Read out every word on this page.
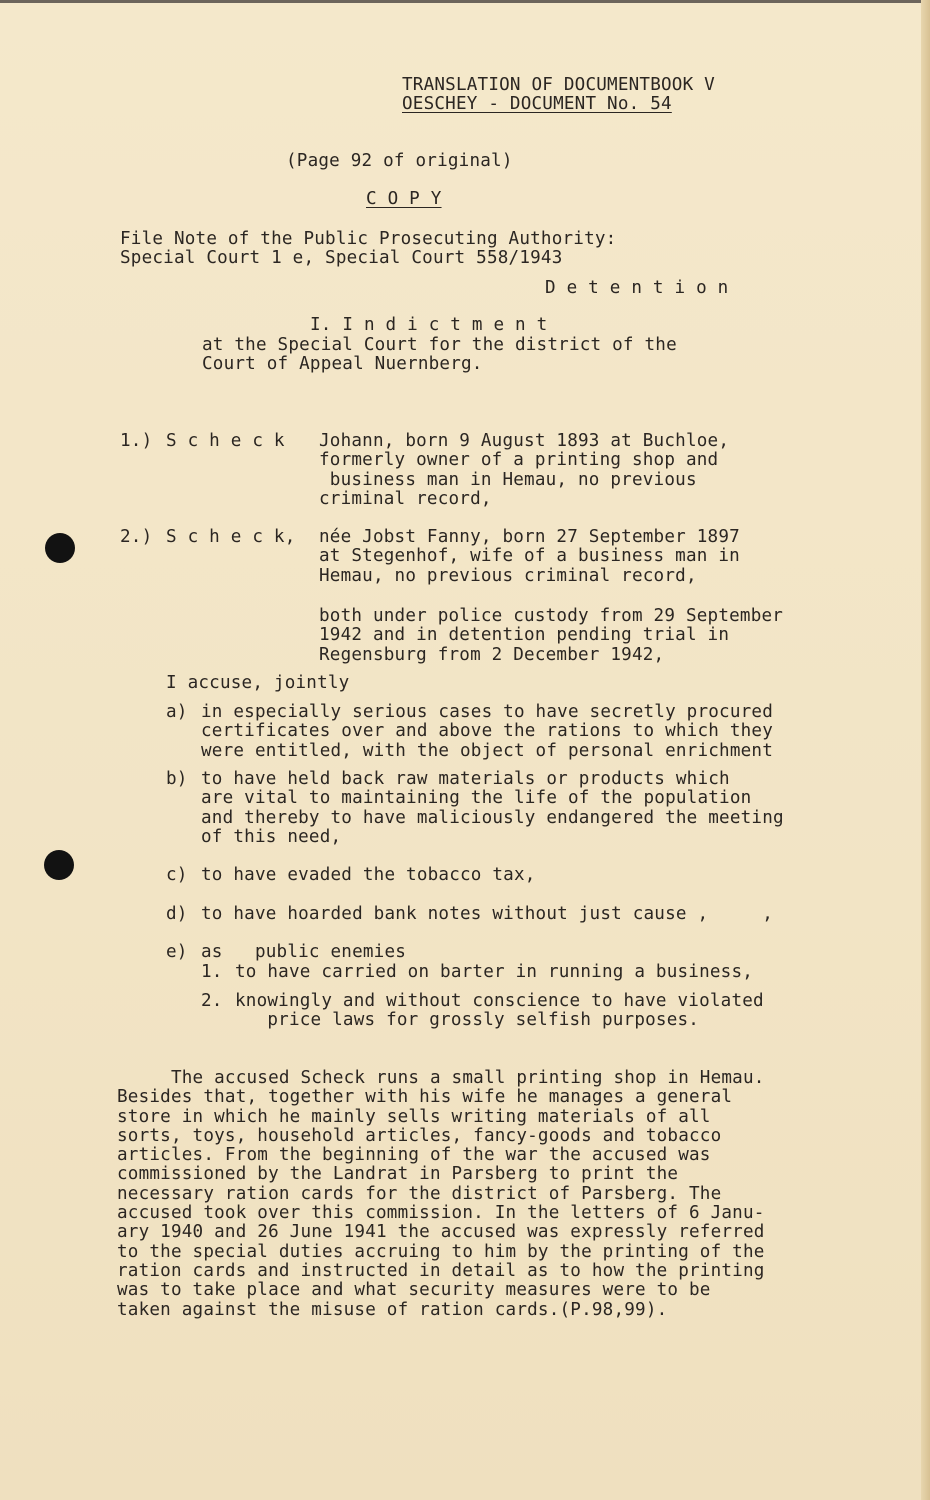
TRANSLATION OF DOCUMENTBOOK V
OESCHEY - DOCUMENT No. 54
(Page 92 of original)
C O P Y
File Note of the Public Prosecuting Authority:
Special Court 1 e, Special Court 558/1943
D e t e n t i o n
I. I n d i c t m e n t
at the Special Court for the district of the
Court of Appeal Nuernberg.
1.) S c h e c k Johann, born 9 August 1893 at Buchloe,
formerly owner of a printing shop and
business man in Hemau, no previous
criminal record,
2.) S c h e c k, née Jobst Fanny, born 27 September 1897
at Stegenhof, wife of a business man in
Hemau, no previous criminal record,
both under police custody from 29 September
1942 and in detention pending trial in
Regensburg from 2 December 1942,
I accuse, jointly
a) in especially serious cases to have secretly procured
certificates over and above the rations to which they
were entitled, with the object of personal enrichment
b) to have held back raw materials or products which
are vital to maintaining the life of the population
and thereby to have maliciously endangered the meeting
of this need,
c) to have evaded the tobacco tax,
d) to have hoarded bank notes without just cause ,     ,
e) as   public enemies
1. to have carried on barter in running a business,
2. knowingly and without conscience to have violated
price laws for grossly selfish purposes.
The accused Scheck runs a small printing shop in Hemau.
Besides that, together with his wife he manages a general
store in which he mainly sells writing materials of all
sorts, toys, household articles, fancy-goods and tobacco
articles. From the beginning of the war the accused was
commissioned by the Landrat in Parsberg to print the
necessary ration cards for the district of Parsberg. The
accused took over this commission. In the letters of 6 Janu-
ary 1940 and 26 June 1941 the accused was expressly referred
to the special duties accruing to him by the printing of the
ration cards and instructed in detail as to how the printing
was to take place and what security measures were to be
taken against the misuse of ration cards.(P.98,99).
